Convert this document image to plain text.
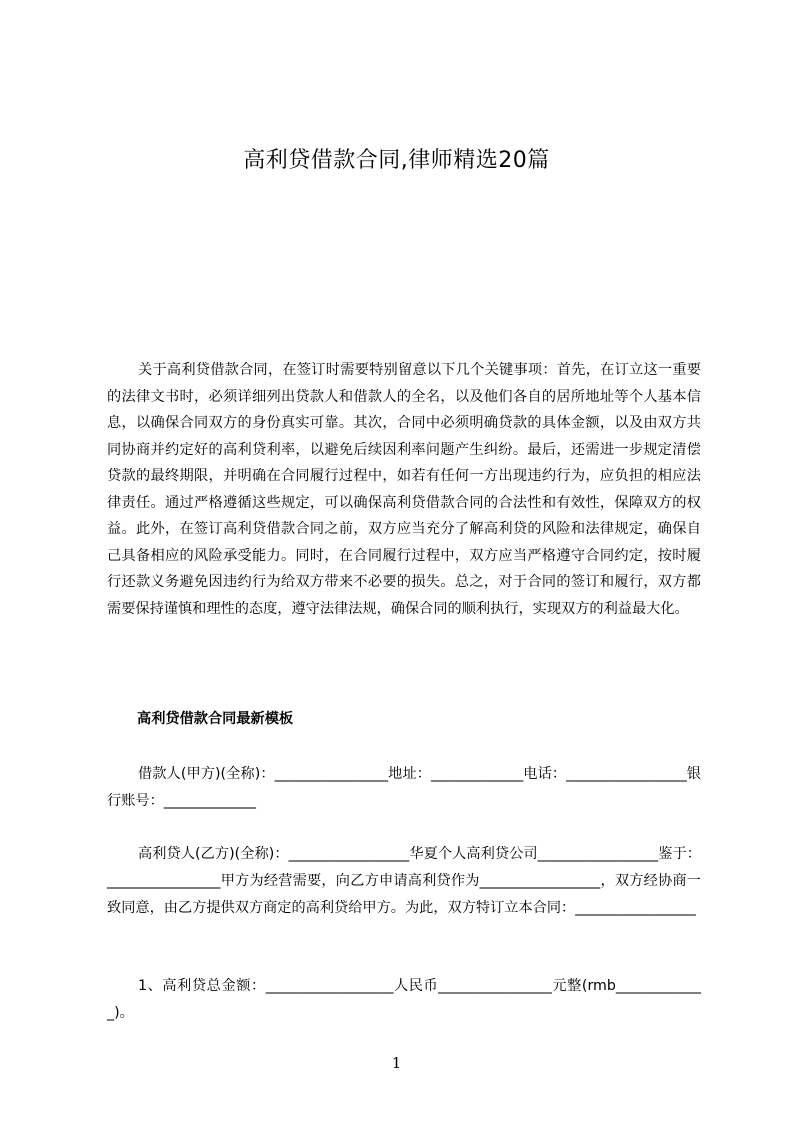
高利贷借款合同,律师精选20篇
关于高利贷借款合同，在签订时需要特别留意以下几个关键事项：首先，在订立这一重要的法律文书时，必须详细列出贷款人和借款人的全名，以及他们各自的居所地址等个人基本信息，以确保合同双方的身份真实可靠。其次，合同中必须明确贷款的具体金额，以及由双方共同协商并约定好的高利贷利率，以避免后续因利率问题产生纠纷。最后，还需进一步规定清偿贷款的最终期限，并明确在合同履行过程中，如若有任何一方出现违约行为，应负担的相应法律责任。通过严格遵循这些规定，可以确保高利贷借款合同的合法性和有效性，保障双方的权益。此外，在签订高利贷借款合同之前，双方应当充分了解高利贷的风险和法律规定，确保自己具备相应的风险承受能力。同时，在合同履行过程中，双方应当严格遵守合同约定，按时履行还款义务避免因违约行为给双方带来不必要的损失。总之，对于合同的签订和履行，双方都需要保持谨慎和理性的态度，遵守法律法规，确保合同的顺利执行，实现双方的利益最大化。
高利贷借款合同最新模板
借款人(甲方)(全称)：________________地址：_____________电话：_________________银行账号：_____________
高利贷人(乙方)(全称)：_________________华夏个人高利贷公司_________________鉴于：________________甲方为经营需要，向乙方申请高利贷作为_________________，双方经协商一致同意，由乙方提供双方商定的高利贷给甲方。为此，双方特订立本合同：_________________
1、高利贷总金额：__________________人民币________________元整(rmb_____________)。
1
